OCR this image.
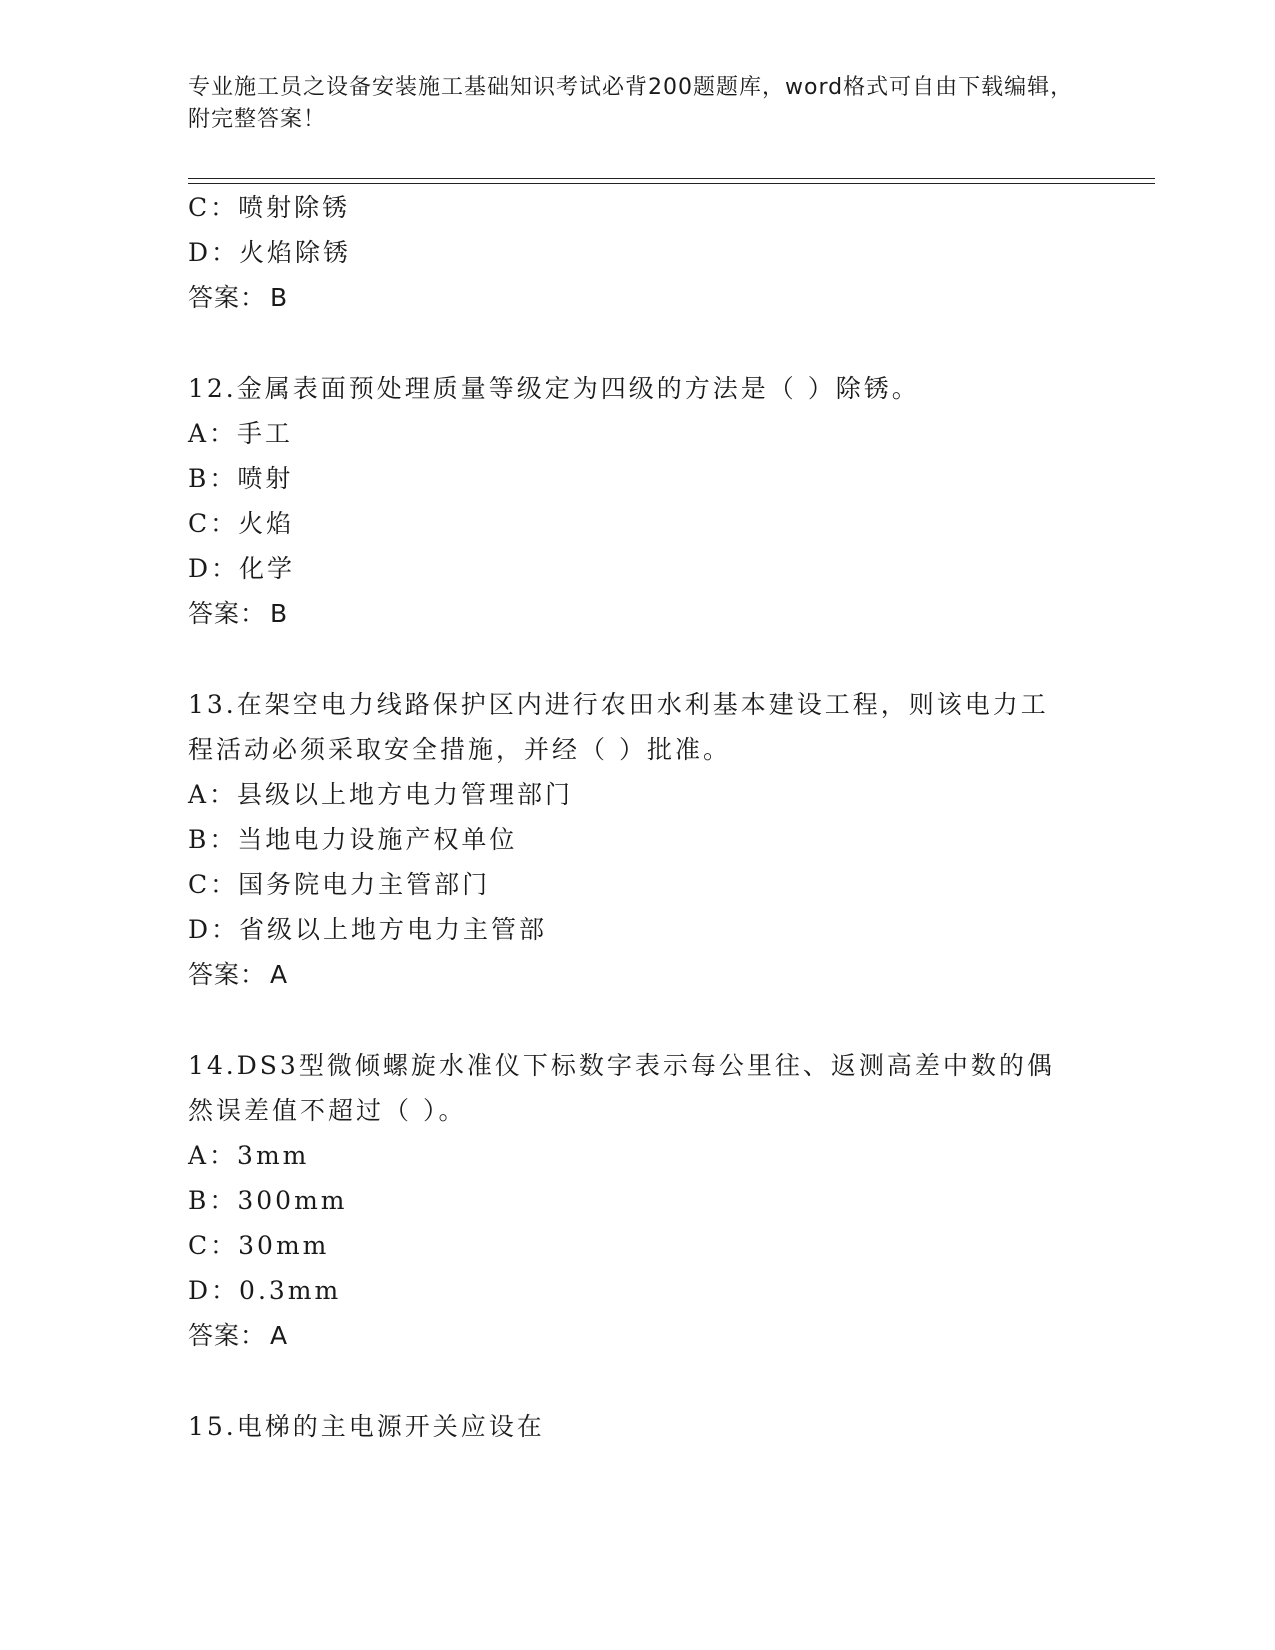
专业施工员之设备安装施工基础知识考试必背200题题库，word格式可自由下载编辑，附完整答案！
C：喷射除锈
D：火焰除锈
答案： B
12.金属表面预处理质量等级定为四级的方法是（ ）除锈。
A：手工
B：喷射
C：火焰
D：化学
答案： B
13.在架空电力线路保护区内进行农田水利基本建设工程，则该电力工
程活动必须采取安全措施，并经（ ）批准。
A：县级以上地方电力管理部门
B：当地电力设施产权单位
C：国务院电力主管部门
D：省级以上地方电力主管部
答案： A
14.DS3型微倾螺旋水准仪下标数字表示每公里往、返测高差中数的偶
然误差值不超过（ ）。
A：3mm
B：300mm
C：30mm
D：0.3mm
答案： A
15.电梯的主电源开关应设在
